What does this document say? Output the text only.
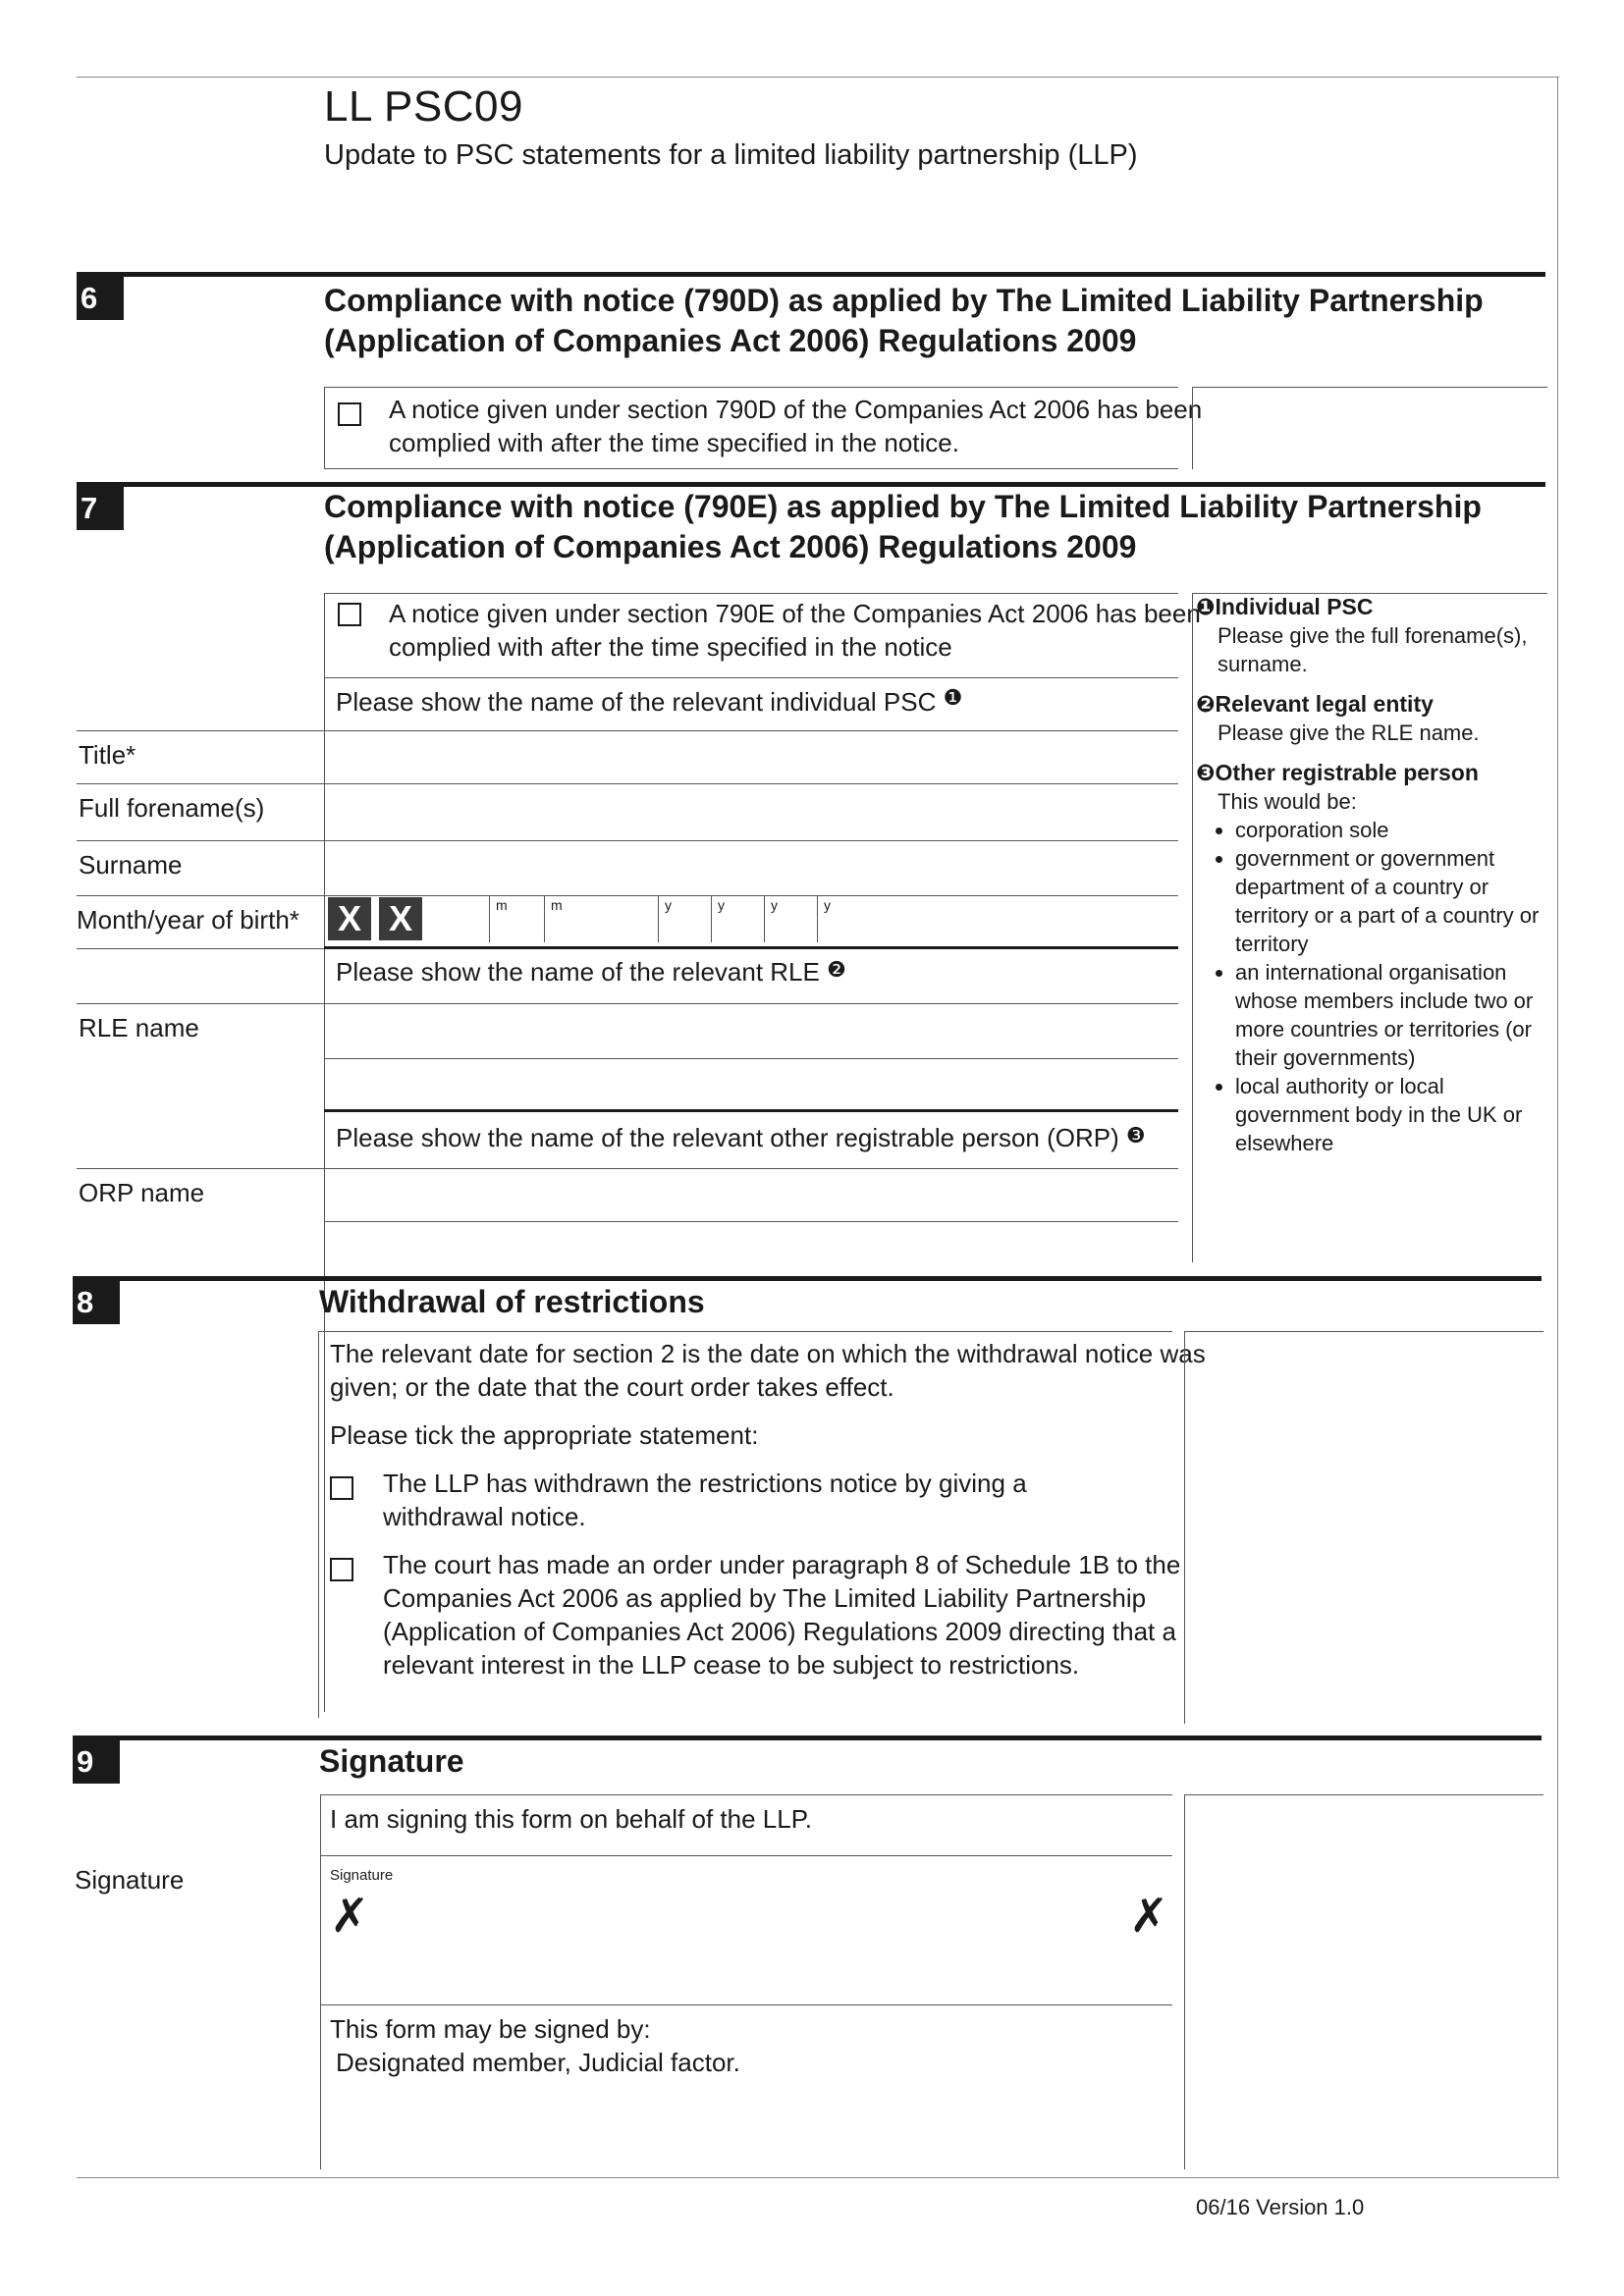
LL PSC09
Update to PSC statements for a limited liability partnership (LLP)
6	Compliance with notice (790D) as applied by The Limited Liability Partnership
(Application of Companies Act 2006) Regulations 2009
A notice given under section 790D of the Companies Act 2006 has been
complied with after the time specified in the notice.
7	Compliance with notice (790E) as applied by The Limited Liability Partnership
(Application of Companies Act 2006) Regulations 2009
A notice given under section 790E of the Companies Act 2006 has been
complied with after the time specified in the notice
Please show the name of the relevant individual PSC $^❶$
Title*
Full forename(s)
Surname
Month/year of birth* X X	m	m	y	y	y	y
Please show the name of the relevant RLE ❷
RLE name
Please show the name of the relevant other registrable person (ORP) ❸
ORP name
❶Individual PSC
Please give the full forename(s),
surname.
❷Relevant legal entity
Please give the RLE name.
❸Other registrable person
This would be:
• corporation sole
• government or government
department of a country or
territory or a part of a country or
territory
• an international organisation
whose members include two or
more countries or territories (or
their governments)
• local authority or local
government body in the UK or
elsewhere
8	Withdrawal of restrictions
The relevant date for section 2 is the date on which the withdrawal notice was
given; or the date that the court order takes effect.
Please tick the appropriate statement:
The LLP has withdrawn the restrictions notice by giving a
withdrawal notice.
The court has made an order under paragraph 8 of Schedule 1B to the
Companies Act 2006 as applied by The Limited Liability Partnership
(Application of Companies Act 2006) Regulations 2009 directing that a
relevant interest in the LLP cease to be subject to restrictions.
9	Signature
I am signing this form on behalf of the LLP.
Signature	Signature
✗	✗
This form may be signed by:
Designated member, Judicial factor.
06/16 Version 1.0
